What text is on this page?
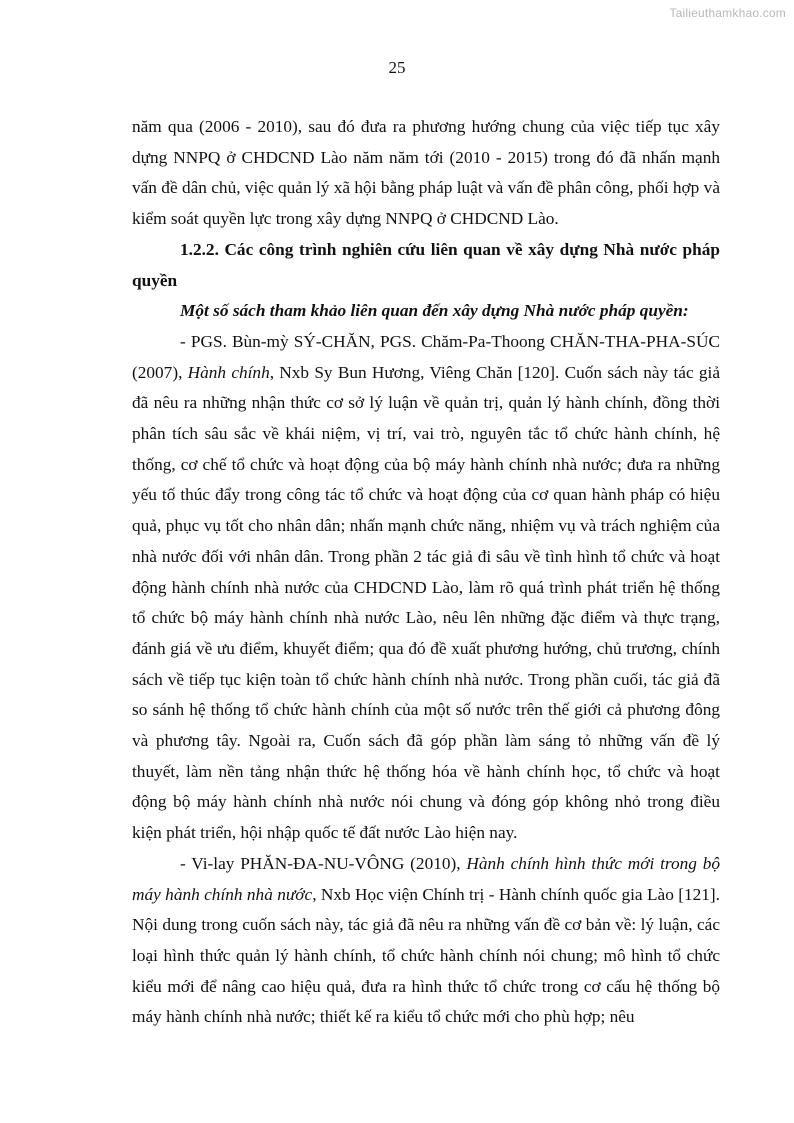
Tailieuthamkhao.com
25

năm qua (2006 - 2010), sau đó đưa ra phương hướng chung của việc tiếp tục xây dựng NNPQ ở CHDCND Lào năm năm tới (2010 - 2015) trong đó đã nhấn mạnh vấn đề dân chủ, việc quản lý xã hội bằng pháp luật và vấn đề phân công, phối hợp và kiểm soát quyền lực trong xây dựng NNPQ ở CHDCND Lào.

1.2.2. Các công trình nghiên cứu liên quan về xây dựng Nhà nước pháp quyền

Một số sách tham khảo liên quan đến xây dựng Nhà nước pháp quyền:

- PGS. Bùn-mỳ SÝ-CHĂN, PGS. Chăm-Pa-Thoong CHĂN-THA-PHA-SÚC (2007), Hành chính, Nxb Sy Bun Hương, Viêng Chăn [120]. Cuốn sách này tác giả đã nêu ra những nhận thức cơ sở lý luận về quản trị, quản lý hành chính, đồng thời phân tích sâu sắc về khái niệm, vị trí, vai trò, nguyên tắc tổ chức hành chính, hệ thống, cơ chế tổ chức và hoạt động của bộ máy hành chính nhà nước; đưa ra những yếu tố thúc đẩy trong công tác tổ chức và hoạt động của cơ quan hành pháp có hiệu quả, phục vụ tốt cho nhân dân; nhấn mạnh chức năng, nhiệm vụ và trách nghiệm của nhà nước đối với nhân dân. Trong phần 2 tác giả đi sâu về tình hình tổ chức và hoạt động hành chính nhà nước của CHDCND Lào, làm rõ quá trình phát triển hệ thống tổ chức bộ máy hành chính nhà nước Lào, nêu lên những đặc điểm và thực trạng, đánh giá về ưu điểm, khuyết điểm; qua đó đề xuất phương hướng, chủ trương, chính sách về tiếp tục kiện toàn tổ chức hành chính nhà nước. Trong phần cuối, tác giả đã so sánh hệ thống tổ chức hành chính của một số nước trên thế giới cả phương đông và phương tây. Ngoài ra, Cuốn sách đã góp phần làm sáng tỏ những vấn đề lý thuyết, làm nền tảng nhận thức hệ thống hóa về hành chính học, tổ chức và hoạt động bộ máy hành chính nhà nước nói chung và đóng góp không nhỏ trong điều kiện phát triển, hội nhập quốc tế đất nước Lào hiện nay.

- Vi-lay PHĂN-ĐA-NU-VÔNG (2010), Hành chính hình thức mới trong bộ máy hành chính nhà nước, Nxb Học viện Chính trị - Hành chính quốc gia Lào [121]. Nội dung trong cuốn sách này, tác giả đã nêu ra những vấn đề cơ bản về: lý luận, các loại hình thức quản lý hành chính, tổ chức hành chính nói chung; mô hình tổ chức kiểu mới để nâng cao hiệu quả, đưa ra hình thức tổ chức trong cơ cấu hệ thống bộ máy hành chính nhà nước; thiết kế ra kiểu tổ chức mới cho phù hợp; nêu
